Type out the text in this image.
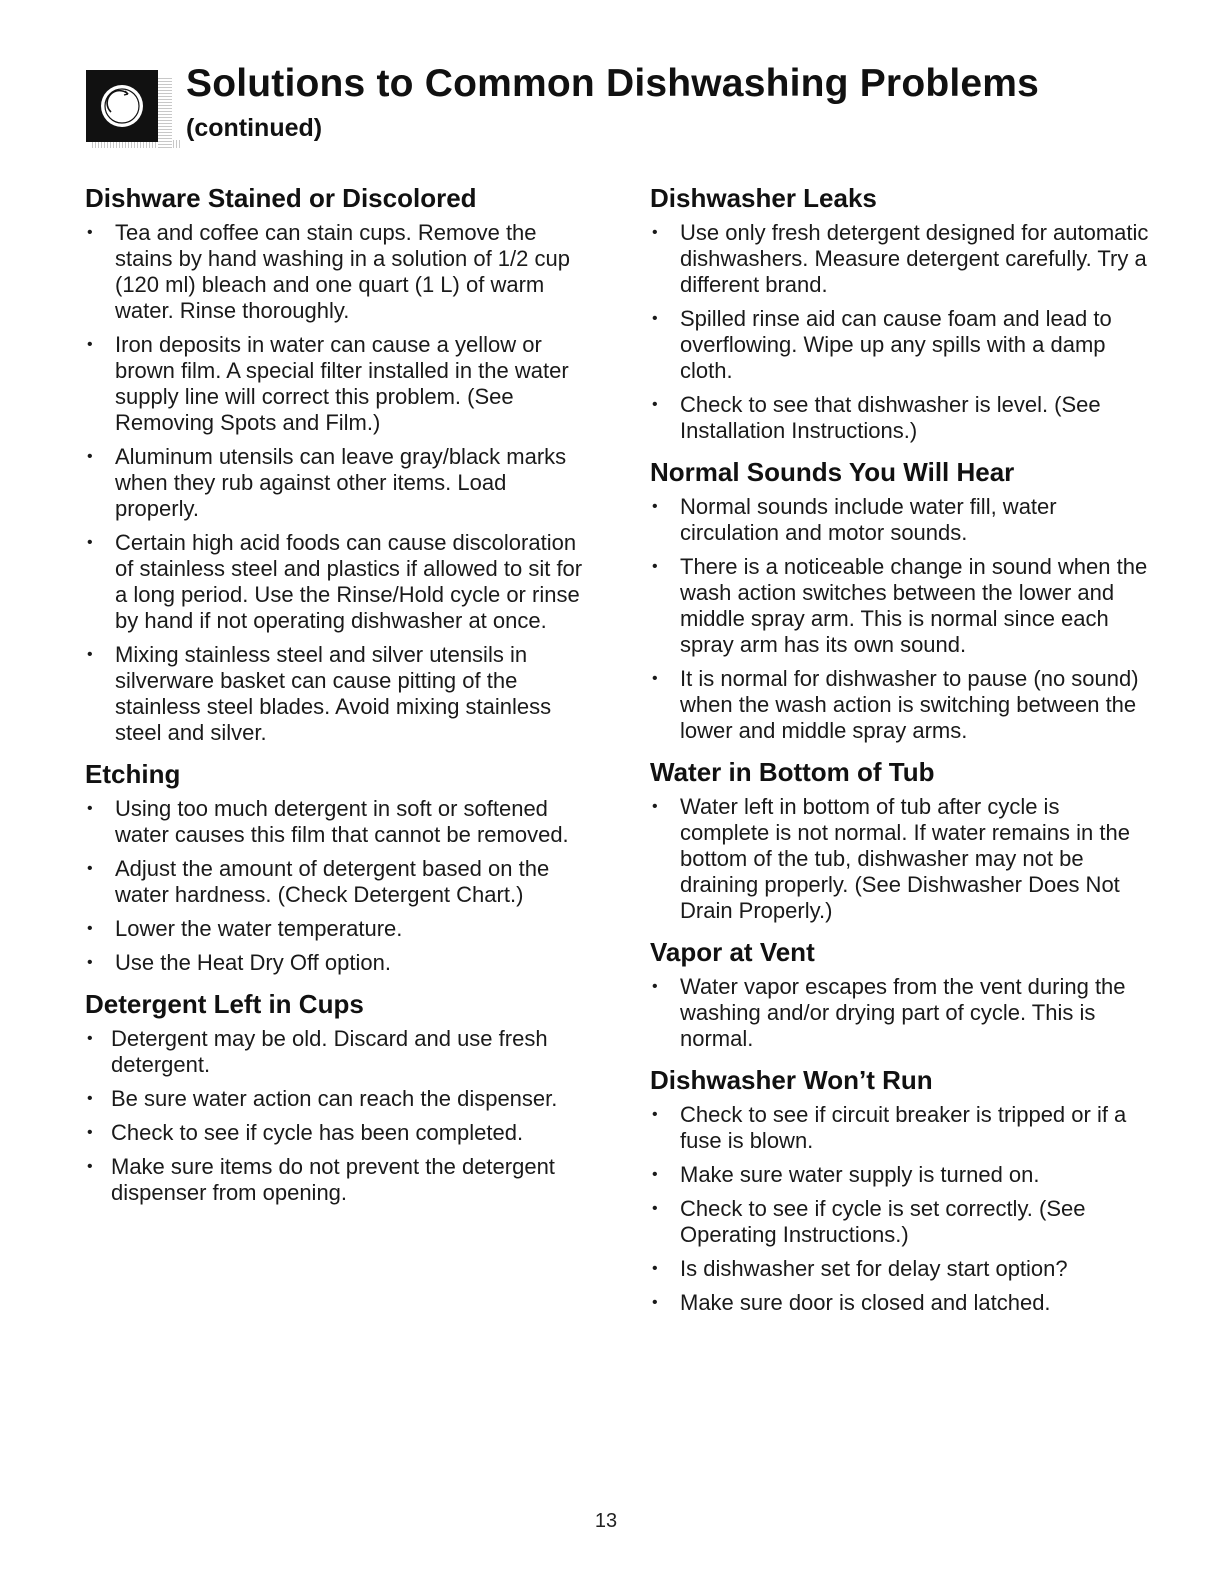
Solutions to Common Dishwashing Problems

(continued)

Dishware Stained or Discolored
• Tea and coffee can stain cups. Remove the stains by hand washing in a solution of 1/2 cup (120 ml) bleach and one quart (1 L) of warm water. Rinse thoroughly.
• Iron deposits in water can cause a yellow or brown film. A special filter installed in the water supply line will correct this problem. (See Removing Spots and Film.)
• Aluminum utensils can leave gray/black marks when they rub against other items. Load properly.
• Certain high acid foods can cause discoloration of stainless steel and plastics if allowed to sit for a long period. Use the Rinse/Hold cycle or rinse by hand if not operating dishwasher at once.
• Mixing stainless steel and silver utensils in silverware basket can cause pitting of the stainless steel blades. Avoid mixing stainless steel and silver.
Etching
• Using too much detergent in soft or softened water causes this film that cannot be removed.
• Adjust the amount of detergent based on the water hardness. (Check Detergent Chart.)
• Lower the water temperature.
• Use the Heat Dry Off option.
Detergent Left in Cups
• Detergent may be old. Discard and use fresh detergent.
• Be sure water action can reach the dispenser.
• Check to see if cycle has been completed.
• Make sure items do not prevent the detergent dispenser from opening.
Dishwasher Leaks
• Use only fresh detergent designed for automatic dishwashers. Measure detergent carefully. Try a different brand.
• Spilled rinse aid can cause foam and lead to overflowing. Wipe up any spills with a damp cloth.
• Check to see that dishwasher is level. (See Installation Instructions.)
Normal Sounds You Will Hear
• Normal sounds include water fill, water circulation and motor sounds.
• There is a noticeable change in sound when the wash action switches between the lower and middle spray arm. This is normal since each spray arm has its own sound.
• It is normal for dishwasher to pause (no sound) when the wash action is switching between the lower and middle spray arms.
Water in Bottom of Tub
• Water left in bottom of tub after cycle is complete is not normal. If water remains in the bottom of the tub, dishwasher may not be draining properly. (See Dishwasher Does Not Drain Properly.)
Vapor at Vent
• Water vapor escapes from the vent during the washing and/or drying part of cycle. This is normal.
Dishwasher Won’t Run
• Check to see if circuit breaker is tripped or if a fuse is blown.
• Make sure water supply is turned on.
• Check to see if cycle is set correctly. (See Operating Instructions.)
• Is dishwasher set for delay start option?
• Make sure door is closed and latched.
13
